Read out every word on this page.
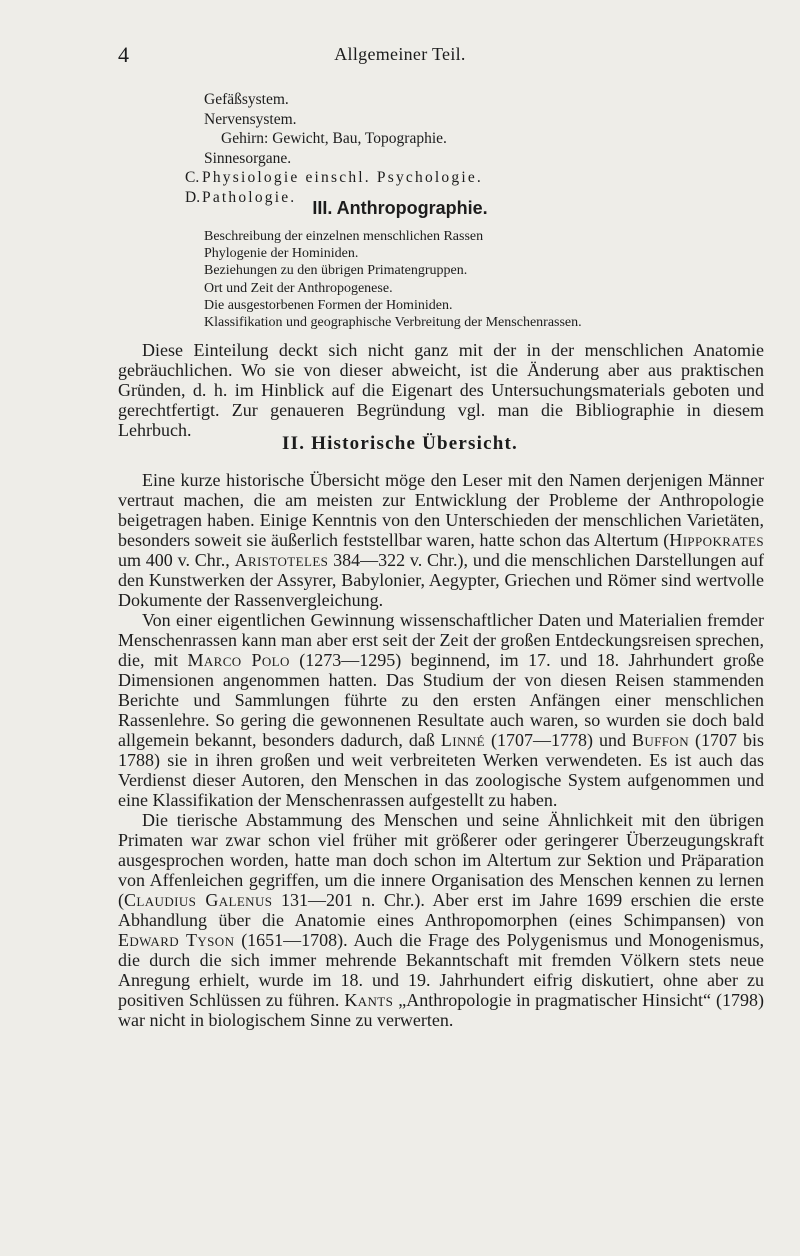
4	Allgemeiner Teil.
Gefäßsystem.
Nervensystem.
Gehirn: Gewicht, Bau, Topographie.
Sinnesorgane.
C. Physiologie einschl. Psychologie.
D. Pathologie.
III. Anthropographie.
Beschreibung der einzelnen menschlichen Rassen
Phylogenie der Hominiden.
Beziehungen zu den übrigen Primatengruppen.
Ort und Zeit der Anthropogenese.
Die ausgestorbenen Formen der Hominiden.
Klassifikation und geographische Verbreitung der Menschenrassen.

Diese Einteilung deckt sich nicht ganz mit der in der menschlichen Anatomie gebräuchlichen. Wo sie von dieser abweicht, ist die Änderung aber aus praktischen Gründen, d. h. im Hinblick auf die Eigenart des Untersuchungsmaterials geboten und gerechtfertigt. Zur genaueren Begründung vgl. man die Bibliographie in diesem Lehrbuch.

II. Historische Übersicht.

Eine kurze historische Übersicht möge den Leser mit den Namen derjenigen Männer vertraut machen, die am meisten zur Entwicklung der Probleme der Anthropologie beigetragen haben. Einige Kenntnis von den Unterschieden der menschlichen Varietäten, besonders soweit sie äußerlich feststellbar waren, hatte schon das Altertum (Hippokrates um 400 v. Chr., Aristoteles 384—322 v. Chr.), und die menschlichen Darstellungen auf den Kunstwerken der Assyrer, Babylonier, Aegypter, Griechen und Römer sind wertvolle Dokumente der Rassenvergleichung.

Von einer eigentlichen Gewinnung wissenschaftlicher Daten und Materialien fremder Menschenrassen kann man aber erst seit der Zeit der großen Entdeckungsreisen sprechen, die, mit Marco Polo (1273—1295) beginnend, im 17. und 18. Jahrhundert große Dimensionen angenommen hatten. Das Studium der von diesen Reisen stammenden Berichte und Sammlungen führte zu den ersten Anfängen einer menschlichen Rassenlehre. So gering die gewonnenen Resultate auch waren, so wurden sie doch bald allgemein bekannt, besonders dadurch, daß Linné (1707—1778) und Buffon (1707 bis 1788) sie in ihren großen und weit verbreiteten Werken verwendeten. Es ist auch das Verdienst dieser Autoren, den Menschen in das zoologische System aufgenommen und eine Klassifikation der Menschenrassen aufgestellt zu haben.

Die tierische Abstammung des Menschen und seine Ähnlichkeit mit den übrigen Primaten war zwar schon viel früher mit größerer oder geringerer Überzeugungskraft ausgesprochen worden, hatte man doch schon im Altertum zur Sektion und Präparation von Affenleichen gegriffen, um die innere Organisation des Menschen kennen zu lernen (Claudius Galenus 131—201 n. Chr.). Aber erst im Jahre 1699 erschien die erste Abhandlung über die Anatomie eines Anthropomorphen (eines Schimpansen) von Edward Tyson (1651—1708). Auch die Frage des Polygenismus und Monogenismus, die durch die sich immer mehrende Bekanntschaft mit fremden Völkern stets neue Anregung erhielt, wurde im 18. und 19. Jahrhundert eifrig diskutiert, ohne aber zu positiven Schlüssen zu führen. Kants „Anthropologie in pragmatischer Hinsicht“ (1798) war nicht in biologischem Sinne zu verwerten.
